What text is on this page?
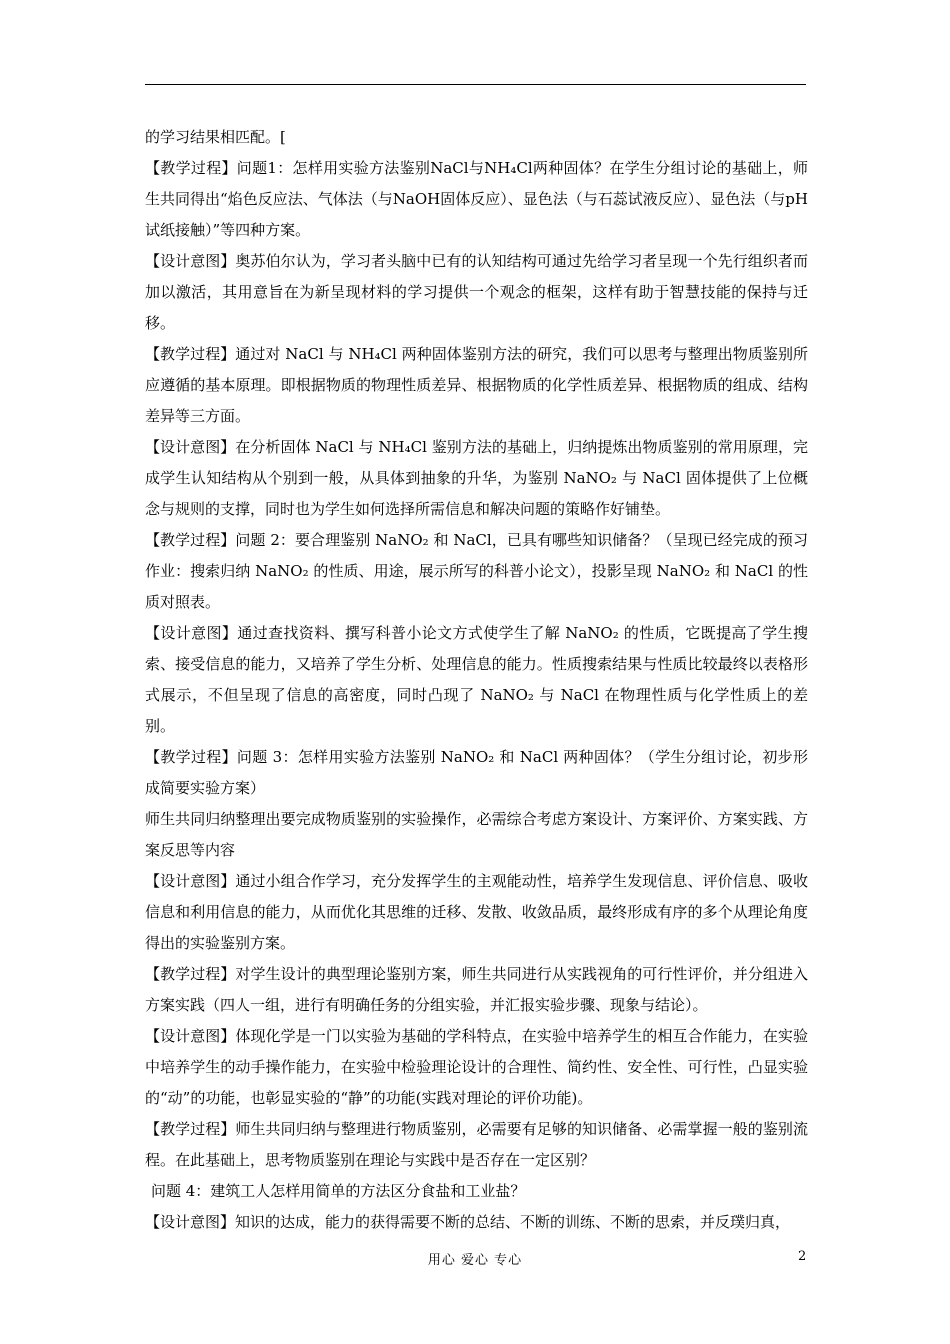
的学习结果相匹配。[

【教学过程】问题1：怎样用实验方法鉴别NaCl与NH₄Cl两种固体？在学生分组讨论的基础上，师生共同得出“焰色反应法、气体法（与NaOH固体反应）、显色法（与石蕊试液反应）、显色法（与pH试纸接触）”等四种方案。

【设计意图】奥苏伯尔认为，学习者头脑中已有的认知结构可通过先给学习者呈现一个先行组织者而加以激活，其用意旨在为新呈现材料的学习提供一个观念的框架，这样有助于智慧技能的保持与迁移。

【教学过程】通过对 NaCl 与 NH₄Cl 两种固体鉴别方法的研究，我们可以思考与整理出物质鉴别所应遵循的基本原理。即根据物质的物理性质差异、根据物质的化学性质差异、根据物质的组成、结构差异等三方面。

【设计意图】在分析固体 NaCl 与 NH₄Cl 鉴别方法的基础上，归纳提炼出物质鉴别的常用原理，完成学生认知结构从个别到一般，从具体到抽象的升华，为鉴别 NaNO₂ 与 NaCl 固体提供了上位概念与规则的支撑，同时也为学生如何选择所需信息和解决问题的策略作好铺垫。

【教学过程】问题 2：要合理鉴别 NaNO₂ 和 NaCl，已具有哪些知识储备？（呈现已经完成的预习作业：搜索归纳 NaNO₂ 的性质、用途，展示所写的科普小论文），投影呈现 NaNO₂ 和 NaCl 的性质对照表。

【设计意图】通过查找资料、撰写科普小论文方式使学生了解 NaNO₂ 的性质，它既提高了学生搜索、接受信息的能力，又培养了学生分析、处理信息的能力。性质搜索结果与性质比较最终以表格形式展示，不但呈现了信息的高密度，同时凸现了 NaNO₂ 与 NaCl 在物理性质与化学性质上的差别。

【教学过程】问题 3：怎样用实验方法鉴别 NaNO₂ 和 NaCl 两种固体？（学生分组讨论，初步形成简要实验方案）

师生共同归纳整理出要完成物质鉴别的实验操作，必需综合考虑方案设计、方案评价、方案实践、方案反思等内容

【设计意图】通过小组合作学习，充分发挥学生的主观能动性，培养学生发现信息、评价信息、吸收信息和利用信息的能力，从而优化其思维的迁移、发散、收敛品质，最终形成有序的多个从理论角度得出的实验鉴别方案。

【教学过程】对学生设计的典型理论鉴别方案，师生共同进行从实践视角的可行性评价，并分组进入方案实践（四人一组，进行有明确任务的分组实验，并汇报实验步骤、现象与结论）。

【设计意图】体现化学是一门以实验为基础的学科特点，在实验中培养学生的相互合作能力，在实验中培养学生的动手操作能力，在实验中检验理论设计的合理性、简约性、安全性、可行性，凸显实验的“动”的功能，也彰显实验的“静”的功能(实践对理论的评价功能)。

【教学过程】师生共同归纳与整理进行物质鉴别，必需要有足够的知识储备、必需掌握一般的鉴别流程。在此基础上，思考物质鉴别在理论与实践中是否存在一定区别？

问题 4：建筑工人怎样用简单的方法区分食盐和工业盐？

【设计意图】知识的达成，能力的获得需要不断的总结、不断的训练、不断的思索，并反璞归真，

用心 爱心 专心	2
